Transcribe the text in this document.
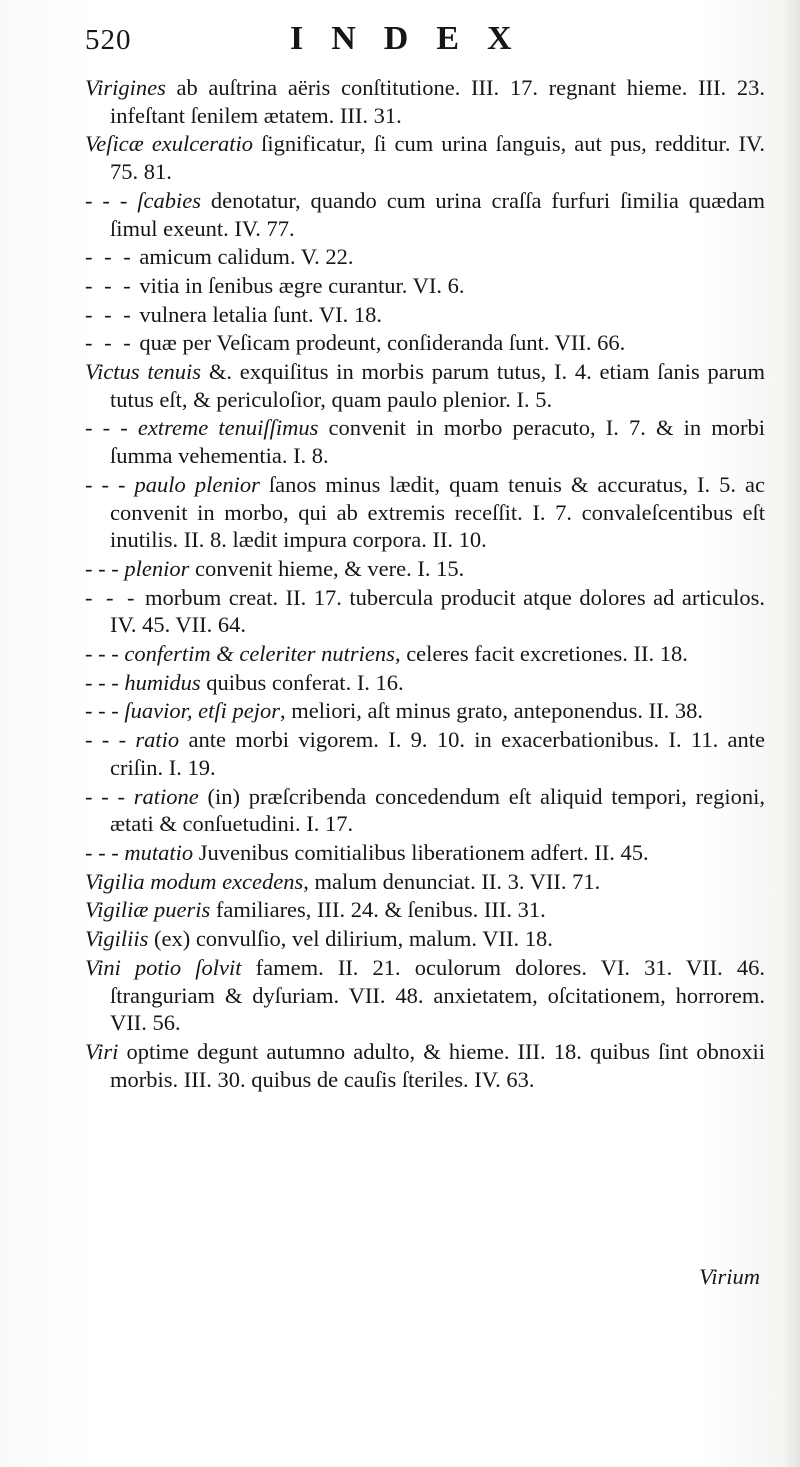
520	INDEX

Virigines ab auſtrina aëris conſtitutione. III. 17. regnant hieme. III. 23. infeſtant ſenilem ætatem. III. 31.

Veſicæ exulceratio ſignificatur, ſi cum urina ſanguis, aut pus, redditur. IV. 75. 81.

- - - ſcabies denotatur, quando cum urina craſſa furfuri ſimilia quædam ſimul exeunt. IV. 77.

- - - amicum calidum. V. 22.

- - - vitia in ſenibus ægre curantur. VI. 6.

- - - vulnera letalia ſunt. VI. 18.

- - - quæ per Veſicam prodeunt, conſideranda ſunt. VII. 66.

Victus tenuis &. exquiſitus in morbis parum tutus, I. 4. etiam ſanis parum tutus eſt, & periculoſior, quam paulo plenior. I. 5.

- - - extreme tenuiſſimus convenit in morbo peracuto, I. 7. & in morbi ſumma vehementia. I. 8.

- - - paulo plenior ſanos minus lædit, quam tenuis & accuratus, I. 5. ac convenit in morbo, qui ab extremis receſſit. I. 7. convaleſcentibus eſt inutilis. II. 8. lædit impura corpora. II. 10.

- - - plenior convenit hieme, & vere. I. 15.

- - - morbum creat. II. 17. tubercula producit atque dolores ad articulos. IV. 45. VII. 64.

- - - confertim & celeriter nutriens, celeres facit excretiones. II. 18.

- - - humidus quibus conferat. I. 16.

- - - ſuavior, etſi pejor, meliori, aſt minus grato, anteponendus. II. 38.

- - - ratio ante morbi vigorem. I. 9. 10. in exacerbationibus. I. 11. ante criſin. I. 19.

- - - ratione (in) præſcribenda concedendum eſt aliquid tempori, regioni, ætati & conſuetudini. I. 17.

- - - mutatio Juvenibus comitialibus liberationem adfert. II. 45.

Vigilia modum excedens, malum denunciat. II. 3. VII. 71.

Vigiliæ pueris familiares, III. 24. & ſenibus. III. 31.

Vigiliis (ex) convulſio, vel dilirium, malum. VII. 18.

Vini potio ſolvit famem. II. 21. oculorum dolores. VI. 31. VII. 46. ſtranguriam & dyſuriam. VII. 48. anxietatem, oſcitationem, horrorem. VII. 56.

Viri optime degunt autumno adulto, & hieme. III. 18. quibus ſint obnoxii morbis. III. 30. quibus de cauſis ſteriles. IV. 63.

Virium
